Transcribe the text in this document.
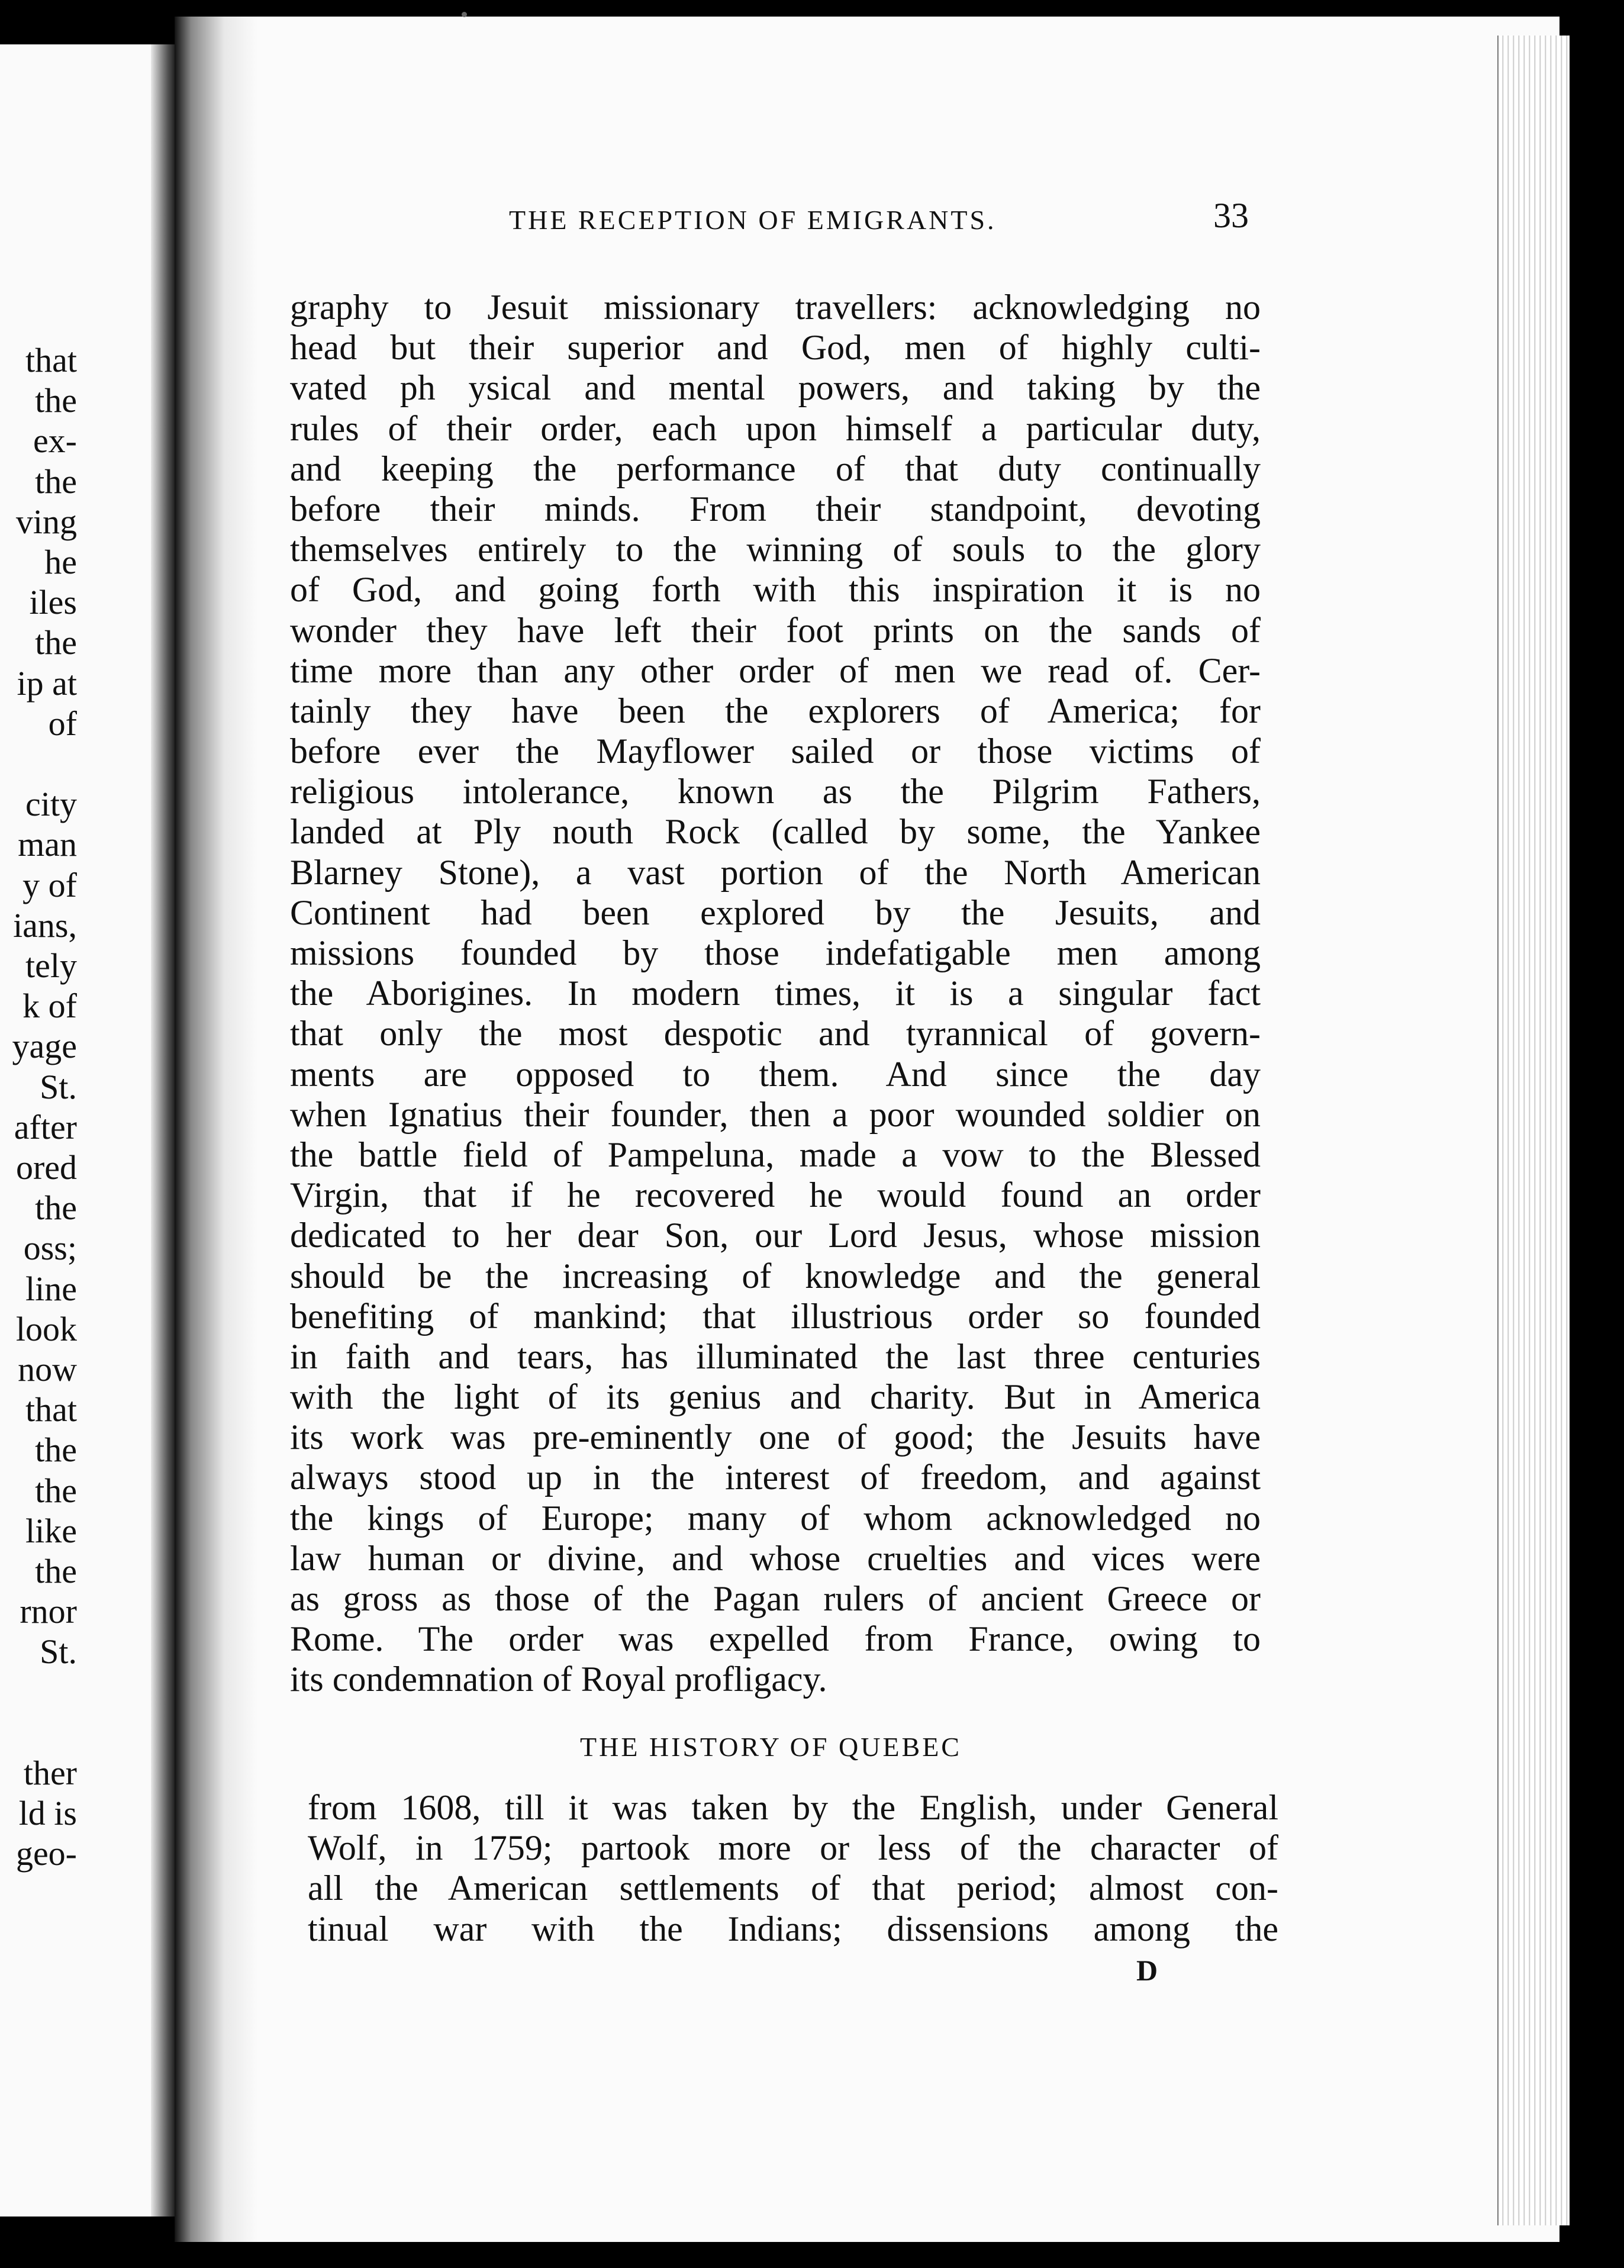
that
the
ex-
the
ving
he
iles
the
ip at
of
city
man
y of
ians,
tely
k of
yage
St.
after
ored
the
oss;
line
look
now
that
the
the
like
the
rnor
St.
ther
ld is
geo-
THE RECEPTION OF EMIGRANTS.	33
graphy to Jesuit missionary travellers: acknowledging no
head but their superior and God, men of highly culti-
vated ph ysical and mental powers, and taking by the
rules of their order, each upon himself a particular duty,
and keeping the performance of that duty continually
before their minds. From their standpoint, devoting
themselves entirely to the winning of souls to the glory
of God, and going forth with this inspiration it is no
wonder they have left their foot prints on the sands of
time more than any other order of men we read of. Cer-
tainly they have been the explorers of America; for
before ever the Mayflower sailed or those victims of
religious intolerance, known as the Pilgrim Fathers,
landed at Ply nouth Rock (called by some, the Yankee
Blarney Stone), a vast portion of the North American
Continent had been explored by the Jesuits, and
missions founded by those indefatigable men among
the Aborigines. In modern times, it is a singular fact
that only the most despotic and tyrannical of govern-
ments are opposed to them. And since the day
when Ignatius their founder, then a poor wounded soldier on
the battle field of Pampeluna, made a vow to the Blessed
Virgin, that if he recovered he would found an order
dedicated to her dear Son, our Lord Jesus, whose mission
should be the increasing of knowledge and the general
benefiting of mankind; that illustrious order so founded
in faith and tears, has illuminated the last three centuries
with the light of its genius and charity. But in America
its work was pre-eminently one of good; the Jesuits have
always stood up in the interest of freedom, and against
the kings of Europe; many of whom acknowledged no
law human or divine, and whose cruelties and vices were
as gross as those of the Pagan rulers of ancient Greece or
Rome. The order was expelled from France, owing to
its condemnation of Royal profligacy.
THE HISTORY OF QUEBEC
from 1608, till it was taken by the English, under General
Wolf, in 1759; partook more or less of the character of
all the American settlements of that period; almost con-
tinual war with the Indians; dissensions among the
D
